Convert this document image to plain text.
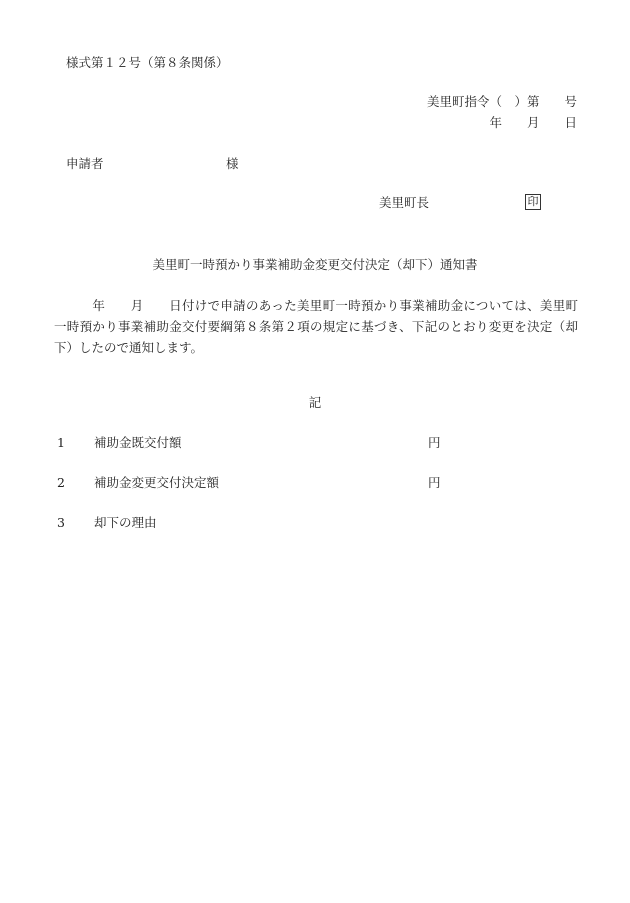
様式第１２号（第８条関係）
美里町指令（　）第　　号
年　　月　　日
申請者	様
美里町長	印
美里町一時預かり事業補助金変更交付決定（却下）通知書
　　　年　　月　　日付けで申請のあった美里町一時預かり事業補助金については、美里町一時預かり事業補助金交付要綱第８条第２項の規定に基づき、下記のとおり変更を決定（却下）したので通知します。
記
1 補助金既交付額	円
2 補助金変更交付決定額	円
3 却下の理由
